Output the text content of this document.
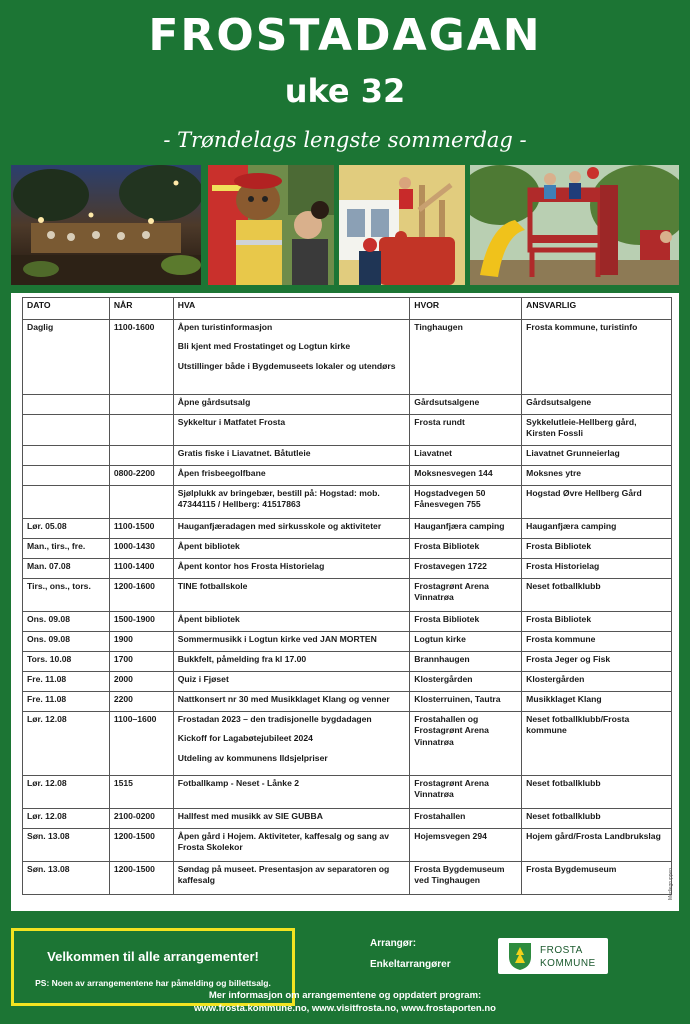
FROSTADAGAN
uke 32
- Trøndelags lengste sommerdag -
DATO	NÅR	HVA	HVOR	ANSVARLIG
Daglig	1100-1600	Åpen turistinformasjon
Bli kjent med Frostatinget og Logtun kirke
Utstillinger både i Bygdemuseets lokaler og utendørs	Tinghaugen	Frosta kommune, turistinfo

		Åpne gårdsutsalg	Gårdsutsalgene	Gårdsutsalgene

		Sykkeltur i Matfatet Frosta	Frosta rundt	Sykkelutleie-Hellberg gård, Kirsten Fossli

		Gratis fiske i Liavatnet. Båtutleie	Liavatnet	Liavatnet Grunneierlag
	0800-2200	Åpen frisbeegolfbane	Moksnesvegen 144	Moksnes ytre

		Sjølplukk av bringebær, bestill på: Hogstad: mob. 47344115 / Hellberg: 41517863	Hogstadvegen 50 Fånesvegen 755	Hogstad Øvre Hellberg Gård
Lør. 05.08	1100-1500	Hauganfjæradagen med sirkusskole og aktiviteter	Hauganfjæra camping	Hauganfjæra camping
Man., tirs., fre.	1000-1430	Åpent bibliotek	Frosta Bibliotek	Frosta Bibliotek
Man. 07.08	1100-1400	Åpent kontor hos Frosta Historielag	Frostavegen 1722	Frosta Historielag
Tirs., ons., tors.	1200-1600	TINE fotballskole	Frostagrønt Arena Vinnatrøa	Neset fotballklubb
Ons. 09.08	1500-1900	Åpent bibliotek	Frosta Bibliotek	Frosta Bibliotek
Ons. 09.08	1900	Sommermusikk i Logtun kirke ved JAN MORTEN	Logtun kirke	Frosta kommune
Tors. 10.08	1700	Bukkfelt, påmelding fra kl 17.00	Brannhaugen	Frosta Jeger og Fisk
Fre. 11.08	2000	Quiz i Fjøset	Klostergården	Klostergården
Fre. 11.08	2200	Nattkonsert nr 30 med Musikklaget Klang og venner	Klosterruinen, Tautra	Musikklaget Klang
Lør. 12.08	1100–1600	Frostadan 2023 – den tradisjonelle bygdadagen
Kickoff for Lagabøtejubileet 2024
Utdeling av kommunens Ildsjelpriser	Frostahallen og Frostagrønt Arena Vinnatrøa	Neset fotballklubb/Frosta kommune
Lør. 12.08	1515	Fotballkamp - Neset - Lånke 2	Frostagrønt Arena Vinnatrøa	Neset fotballklubb
Lør. 12.08	2100-0200	Hallfest med musikk av SIE GUBBA	Frostahallen	Neset fotballklubb
Søn. 13.08	1200-1500	Åpen gård i Hojem. Aktiviteter, kaffesalg og sang av Frosta Skolekor	Hojemsvegen 294	Hojem gård/Frosta Landbrukslag
Søn. 13.08	1200-1500	Søndag på museet. Presentasjon av separatoren og kaffesalg	Frosta Bygdemuseum ved Tinghaugen	Frosta Bygdemuseum	Mediegruppen
Velkommen til alle arrangementer!
PS: Noen av arrangementene har påmelding og billettsalg.
Arrangør:
Enkeltarrangører
FROSTA
KOMMUNE
Mer informasjon om arrangementene og oppdatert program:
www.frosta.kommune.no, www.visitfrosta.no, www.frostaporten.no
